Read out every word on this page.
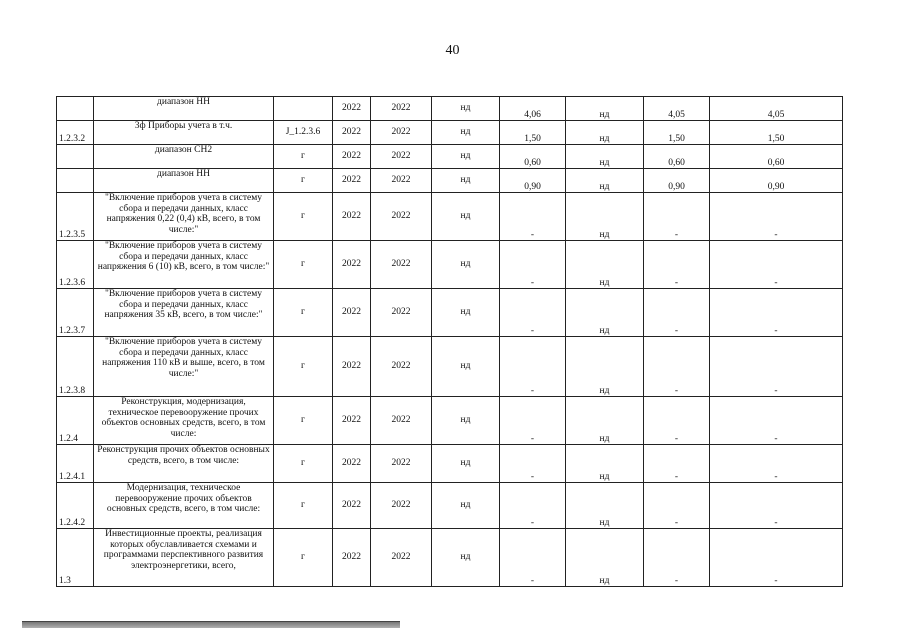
40
	диапазон НН		2022	2022	нд	4,06	нд	4,05	4,05
1.2.3.2	3ф Приборы учета в т.ч.	J_1.2.3.6	2022	2022	нд	1,50	нд	1,50	1,50
	диапазон СН2	г	2022	2022	нд	0,60	нд	0,60	0,60
	диапазон НН	г	2022	2022	нд	0,90	нд	0,90	0,90
1.2.3.5	"Включение приборов учета в систему сбора и передачи данных, класс напряжения 0,22 (0,4) кВ, всего, в том числе:"	г	2022	2022	нд	-	нд	-	-
1.2.3.6	"Включение приборов учета в систему сбора и передачи данных, класс напряжения 6 (10) кВ, всего, в том числе:"	г	2022	2022	нд	-	нд	-	-
1.2.3.7	"Включение приборов учета в систему сбора и передачи данных, класс напряжения 35 кВ, всего, в том числе:"	г	2022	2022	нд	-	нд	-	-
1.2.3.8	"Включение приборов учета в систему сбора и передачи данных, класс напряжения 110 кВ и выше, всего, в том числе:"	г	2022	2022	нд	-	нд	-	-
1.2.4	Реконструкция, модернизация, техническое перевооружение прочих объектов основных средств, всего, в том числе:	г	2022	2022	нд	-	нд	-	-
1.2.4.1	Реконструкция прочих объектов основных средств, всего, в том числе:	г	2022	2022	нд	-	нд	-	-
1.2.4.2	Модернизация, техническое перевооружение прочих объектов основных средств, всего, в том числе:	г	2022	2022	нд	-	нд	-	-
1.3	Инвестиционные проекты, реализация которых обуславливается схемами и программами перспективного развития электроэнергетики, всего,	г	2022	2022	нд	-	нд	-	-
